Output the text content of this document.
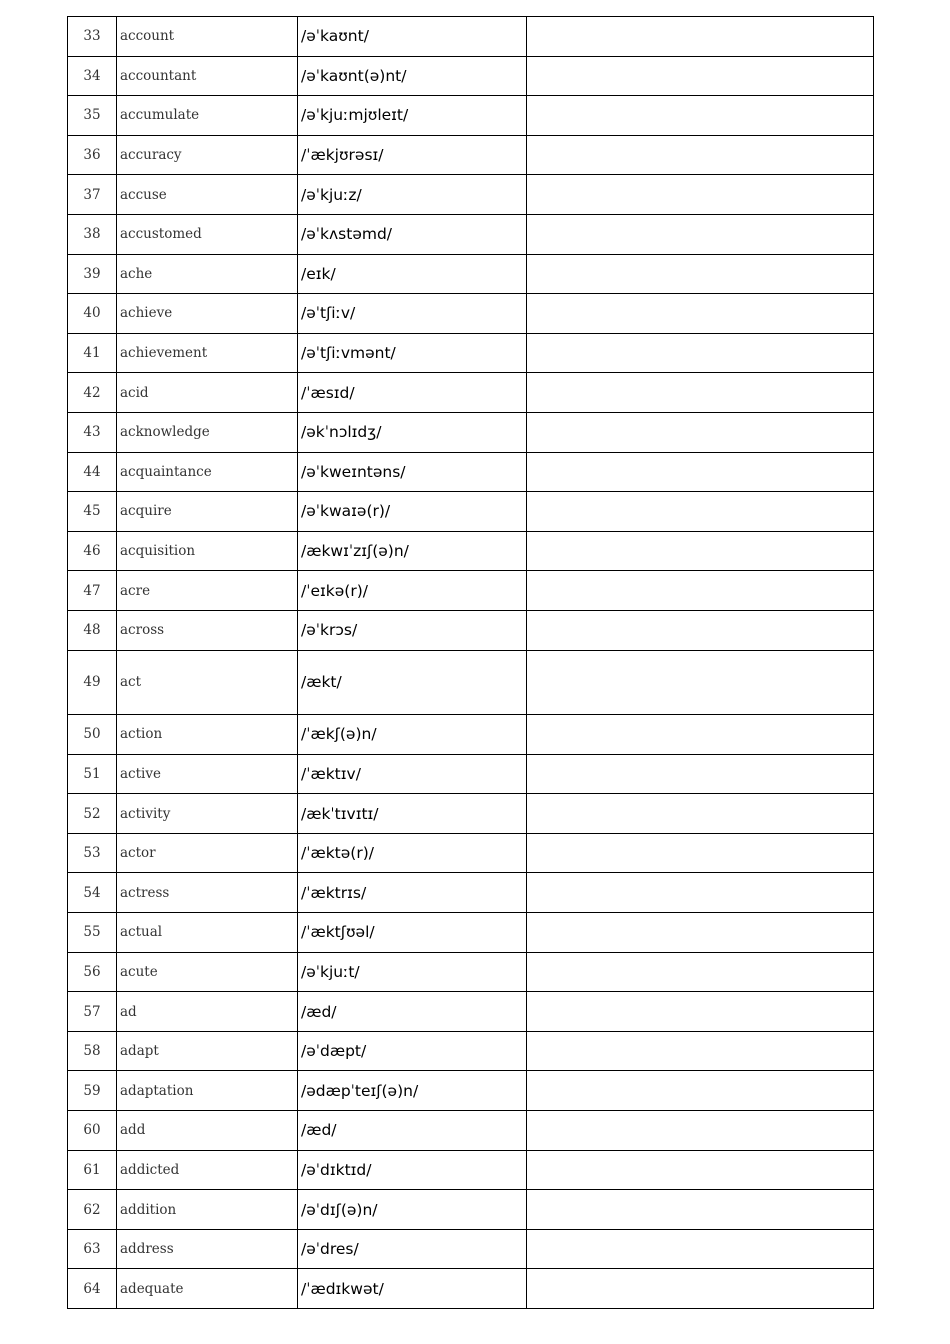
33	account	/əˈkaʊnt/	
34	accountant	/əˈkaʊnt(ə)nt/	
35	accumulate	/əˈkjuːmjʊleɪt/	
36	accuracy	/ˈækjʊrəsɪ/	
37	accuse	/əˈkjuːz/	
38	accustomed	/əˈkʌstəmd/	
39	ache	/eɪk/	
40	achieve	/əˈtʃiːv/	
41	achievement	/əˈtʃiːvmənt/	
42	acid	/ˈæsɪd/	
43	acknowledge	/əkˈnɔlɪdʒ/	
44	acquaintance	/əˈkweɪntəns/	
45	acquire	/əˈkwaɪə(r)/	
46	acquisition	/ækwɪˈzɪʃ(ə)n/	
47	acre	/ˈeɪkə(r)/	
48	across	/əˈkrɔs/	
49	act	/ækt/	
50	action	/ˈækʃ(ə)n/	
51	active	/ˈæktɪv/	
52	activity	/ækˈtɪvɪtɪ/	
53	actor	/ˈæktə(r)/	
54	actress	/ˈæktrɪs/	
55	actual	/ˈæktʃʊəl/	
56	acute	/əˈkjuːt/	
57	ad	/æd/	
58	adapt	/əˈdæpt/	
59	adaptation	/ədæpˈteɪʃ(ə)n/	
60	add	/æd/	
61	addicted	/əˈdɪktɪd/	
62	addition	/əˈdɪʃ(ə)n/	
63	address	/əˈdres/	
64	adequate	/ˈædɪkwət/	
